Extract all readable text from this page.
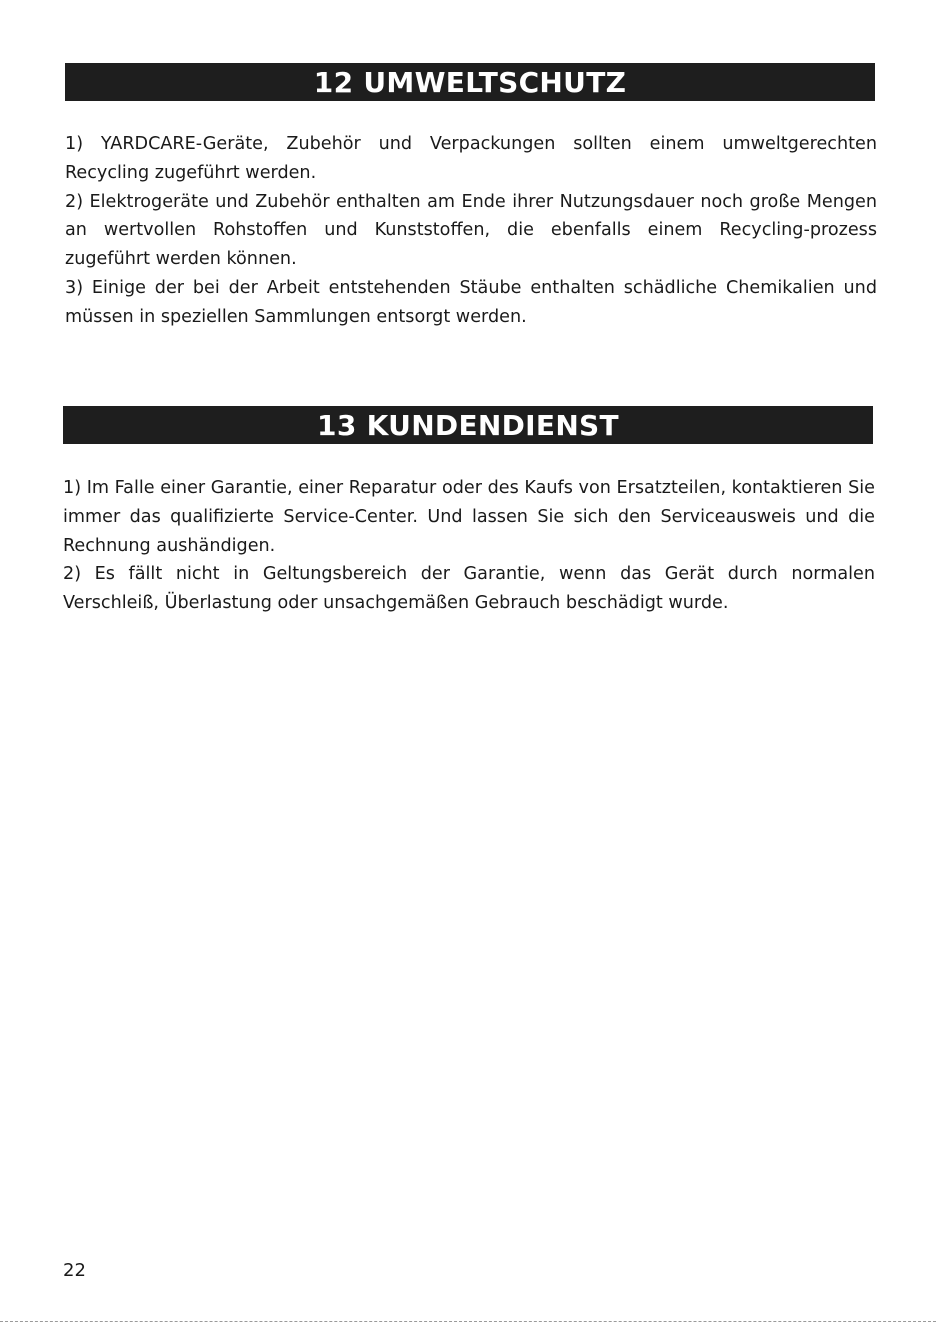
12 UMWELTSCHUTZ

1) YARDCARE-Geräte, Zubehör und Verpackungen sollten einem umweltgerechten Recycling zugeführt werden.

2) Elektrogeräte und Zubehör enthalten am Ende ihrer Nutzungsdauer noch große Mengen an wertvollen Rohstoffen und Kunststoffen, die ebenfalls einem Recycling-prozess zugeführt werden können.

3) Einige der bei der Arbeit entstehenden Stäube enthalten schädliche Chemikalien und müssen in speziellen Sammlungen entsorgt werden.

13 KUNDENDIENST

1) Im Falle einer Garantie, einer Reparatur oder des Kaufs von Ersatzteilen, kontaktieren Sie immer das qualifizierte Service-Center. Und lassen Sie sich den Serviceausweis und die Rechnung aushändigen.

2) Es fällt nicht in Geltungsbereich der Garantie, wenn das Gerät durch normalen Verschleiß, Überlastung oder unsachgemäßen Gebrauch beschädigt wurde.

22
